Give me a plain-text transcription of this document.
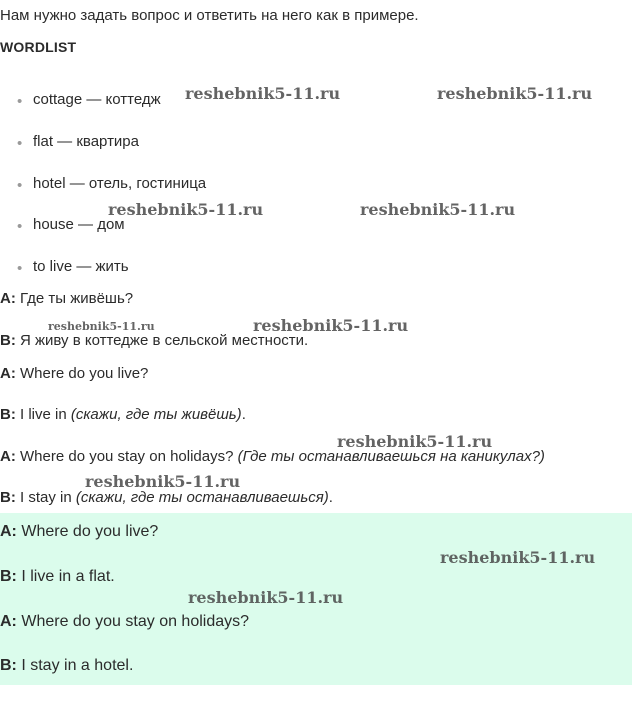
Нам нужно задать вопрос и ответить на него как в примере.
WORDLIST
• cottage — коттедж
• flat — квартира
• hotel — отель, гостиница
• house — дом
• to live — жить
A: Где ты живёшь?
B: Я живу в коттедже в сельской местности.
A: Where do you live?
B: I live in (скажи, где ты живёшь).
A: Where do you stay on holidays? (Где ты останавливаешься на каникулах?)
B: I stay in (скажи, где ты останавливаешься).
A: Where do you live?
B: I live in a flat.
A: Where do you stay on holidays?
B: I stay in a hotel.
reshebnik5-11.ru	reshebnik5-11.ru
reshebnik5-11.ru	reshebnik5-11.ru
reshebnik5-11.ru	reshebnik5-11.ru
reshebnik5-11.ru
reshebnik5-11.ru
reshebnik5-11.ru
reshebnik5-11.ru
